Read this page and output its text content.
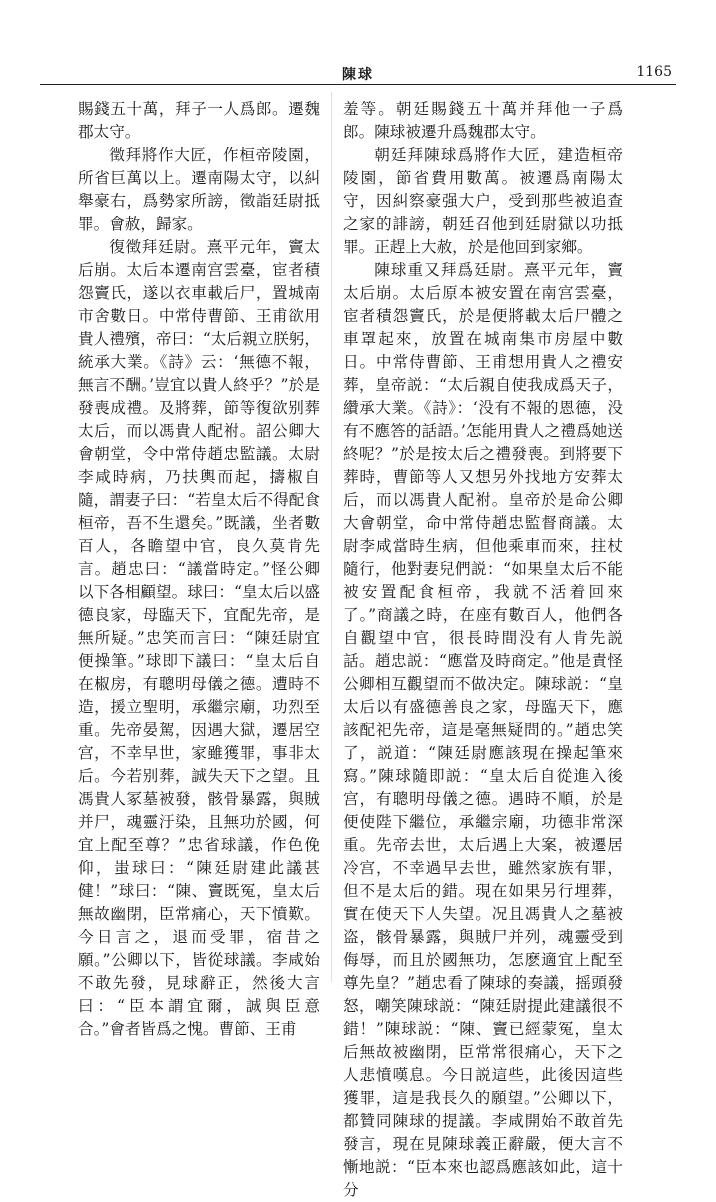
陳球	1165

賜錢五十萬，拜子一人爲郎。遷魏郡太守。

徵拜將作大匠，作桓帝陵園，所省巨萬以上。遷南陽太守，以糾舉豪右，爲勢家所謗，徵詣廷尉抵罪。會赦，歸家。

復徵拜廷尉。熹平元年，竇太后崩。太后本遷南宫雲臺，宦者積怨竇氏，遂以衣車載后尸，置城南市舍數日。中常侍曹節、王甫欲用貴人禮殯，帝曰：“太后親立朕躬，統承大業。《詩》云：‘無德不報，無言不酬。’豈宜以貴人終乎？”於是發喪成禮。及將葬，節等復欲别葬太后，而以馮貴人配祔。詔公卿大會朝堂，令中常侍趙忠監議。太尉李咸時病，乃扶輿而起，擣椒自隨，謂妻子曰：“若皇太后不得配食桓帝，吾不生還矣。”既議，坐者數百人，各瞻望中官，良久莫肯先言。趙忠曰：“議當時定。”怪公卿以下各相顧望。球曰：“皇太后以盛德良家，母臨天下，宜配先帝，是無所疑。”忠笑而言曰：“陳廷尉宜便操筆。”球即下議曰：“皇太后自在椒房，有聰明母儀之德。遭時不造，援立聖明，承繼宗廟，功烈至重。先帝晏駕，因遇大獄，遷居空宫，不幸早世，家雖獲罪，事非太后。今若别葬，誠失天下之望。且馮貴人冢墓被發，骸骨暴露，與賊并尸，魂靈汙染，且無功於國，何宜上配至尊？”忠省球議，作色俛仰，蚩球曰：“陳廷尉建此議甚健！”球曰：“陳、竇既冤，皇太后無故幽閉，臣常痛心，天下憤歎。今日言之，退而受罪，宿昔之願。”公卿以下，皆從球議。李咸始不敢先發，見球辭正，然後大言曰：“臣本謂宜爾，誠與臣意合。”會者皆爲之愧。曹節、王甫

羞等。朝廷賜錢五十萬并拜他一子爲郎。陳球被遷升爲魏郡太守。

朝廷拜陳球爲將作大匠，建造桓帝陵園，節省費用數萬。被遷爲南陽太守，因糾察豪强大户，受到那些被追查之家的誹謗，朝廷召他到廷尉獄以功抵罪。正趕上大赦，於是他回到家鄉。

陳球重又拜爲廷尉。熹平元年，竇太后崩。太后原本被安置在南宫雲臺，宦者積怨竇氏，於是便將載太后尸體之車罩起來，放置在城南集市房屋中數日。中常侍曹節、王甫想用貴人之禮安葬，皇帝説：“太后親自使我成爲天子，纘承大業。《詩》：‘没有不報的恩德，没有不應答的話語。’怎能用貴人之禮爲她送終呢？”於是按太后之禮發喪。到將要下葬時，曹節等人又想另外找地方安葬太后，而以馮貴人配祔。皇帝於是命公卿大會朝堂，命中常侍趙忠監督商議。太尉李咸當時生病，但他乘車而來，拄杖隨行，他對妻兒們説：“如果皇太后不能被安置配食桓帝，我就不活着回來了。”商議之時，在座有數百人，他們各自觀望中官，很長時間没有人肯先説話。趙忠説：“應當及時商定。”他是責怪公卿相互觀望而不做决定。陳球説：“皇太后以有盛德善良之家，母臨天下，應該配祀先帝，這是毫無疑問的。”趙忠笑了，説道：“陳廷尉應該現在操起筆來寫。”陳球隨即説：“皇太后自從進入後宫，有聰明母儀之德。遇時不順，於是便使陛下繼位，承繼宗廟，功德非常深重。先帝去世，太后遇上大案，被遷居冷宫，不幸過早去世，雖然家族有罪，但不是太后的錯。現在如果另行埋葬，實在使天下人失望。况且馮貴人之墓被盗，骸骨暴露，與賊尸并列，魂靈受到侮辱，而且於國無功，怎麽適宜上配至尊先皇？”趙忠看了陳球的奏議，摇頭發怒，嘲笑陳球説：“陳廷尉提此建議很不錯！”陳球説：“陳、竇已經蒙冤，皇太后無故被幽閉，臣常常很痛心，天下之人悲憤嘆息。今日説這些，此後因這些獲罪，這是我長久的願望。”公卿以下，都贊同陳球的提議。李咸開始不敢首先發言，現在見陳球義正辭嚴，便大言不慚地説：“臣本來也認爲應該如此，這十分
